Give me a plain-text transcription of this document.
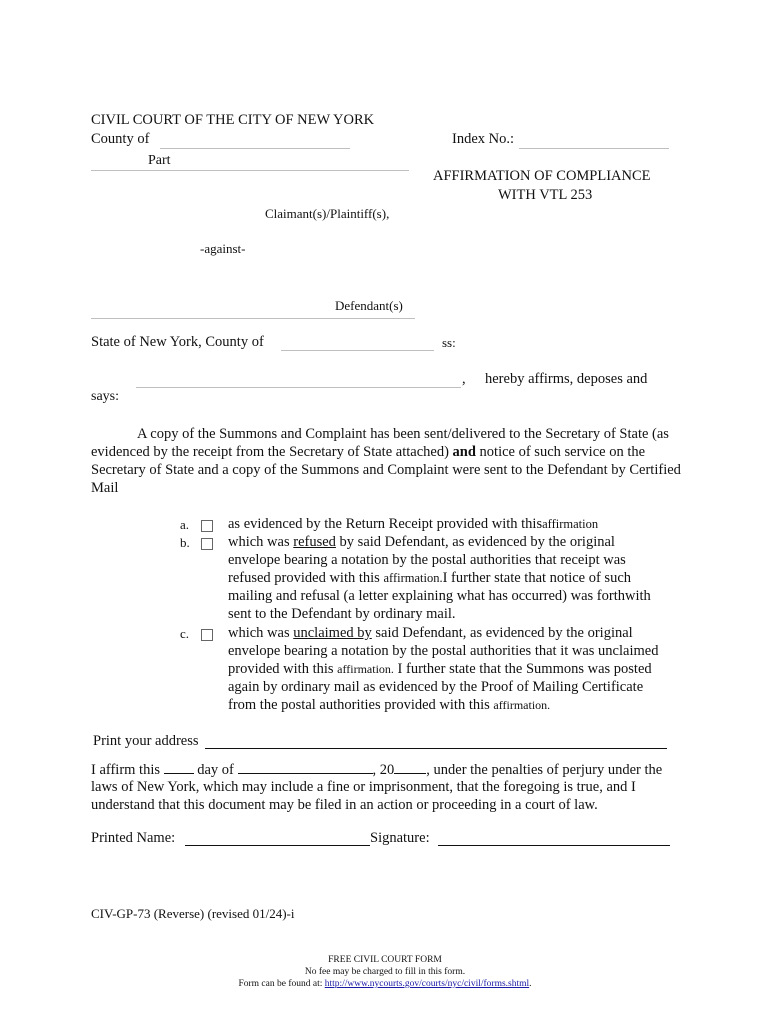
CIVIL COURT OF THE CITY OF NEW YORK
County of	Index No.:
Part
AFFIRMATION OF COMPLIANCE
WITH VTL 253
Claimant(s)/Plaintiff(s),
-against-
Defendant(s)
State of New York, County of	ss:
, hereby affirms, deposes and
says:
A copy of the Summons and Complaint has been sent/delivered to the Secretary of State (as evidenced by the receipt from the Secretary of State attached) and notice of such service on the Secretary of State and a copy of the Summons and Complaint were sent to the Defendant by Certified Mail
a.	as evidenced by the Return Receipt provided with thisaffirmation
b.	which was refused by said Defendant, as evidenced by the original
envelope bearing a notation by the postal authorities that receipt was
refused provided with this affirmation.I further state that notice of such
mailing and refusal (a letter explaining what has occurred) was forthwith
sent to the Defendant by ordinary mail.
c.	which was unclaimed by said Defendant, as evidenced by the original
envelope bearing a notation by the postal authorities that it was unclaimed
provided with this affirmation. I further state that the Summons was posted
again by ordinary mail as evidenced by the Proof of Mailing Certificate
from the postal authorities provided with this affirmation.
Print your address
I affirm this	day of	, 20 , under the penalties of perjury under the
laws of New York, which may include a fine or imprisonment, that the foregoing is true, and I
understand that this document may be filed in an action or proceeding in a court of law.
Printed Name:	Signature:
CIV-GP-73 (Reverse) (revised 01/24)-i
FREE CIVIL COURT FORM
No fee may be charged to fill in this form.
Form can be found at: http://www.nycourts.gov/courts/nyc/civil/forms.shtml.
